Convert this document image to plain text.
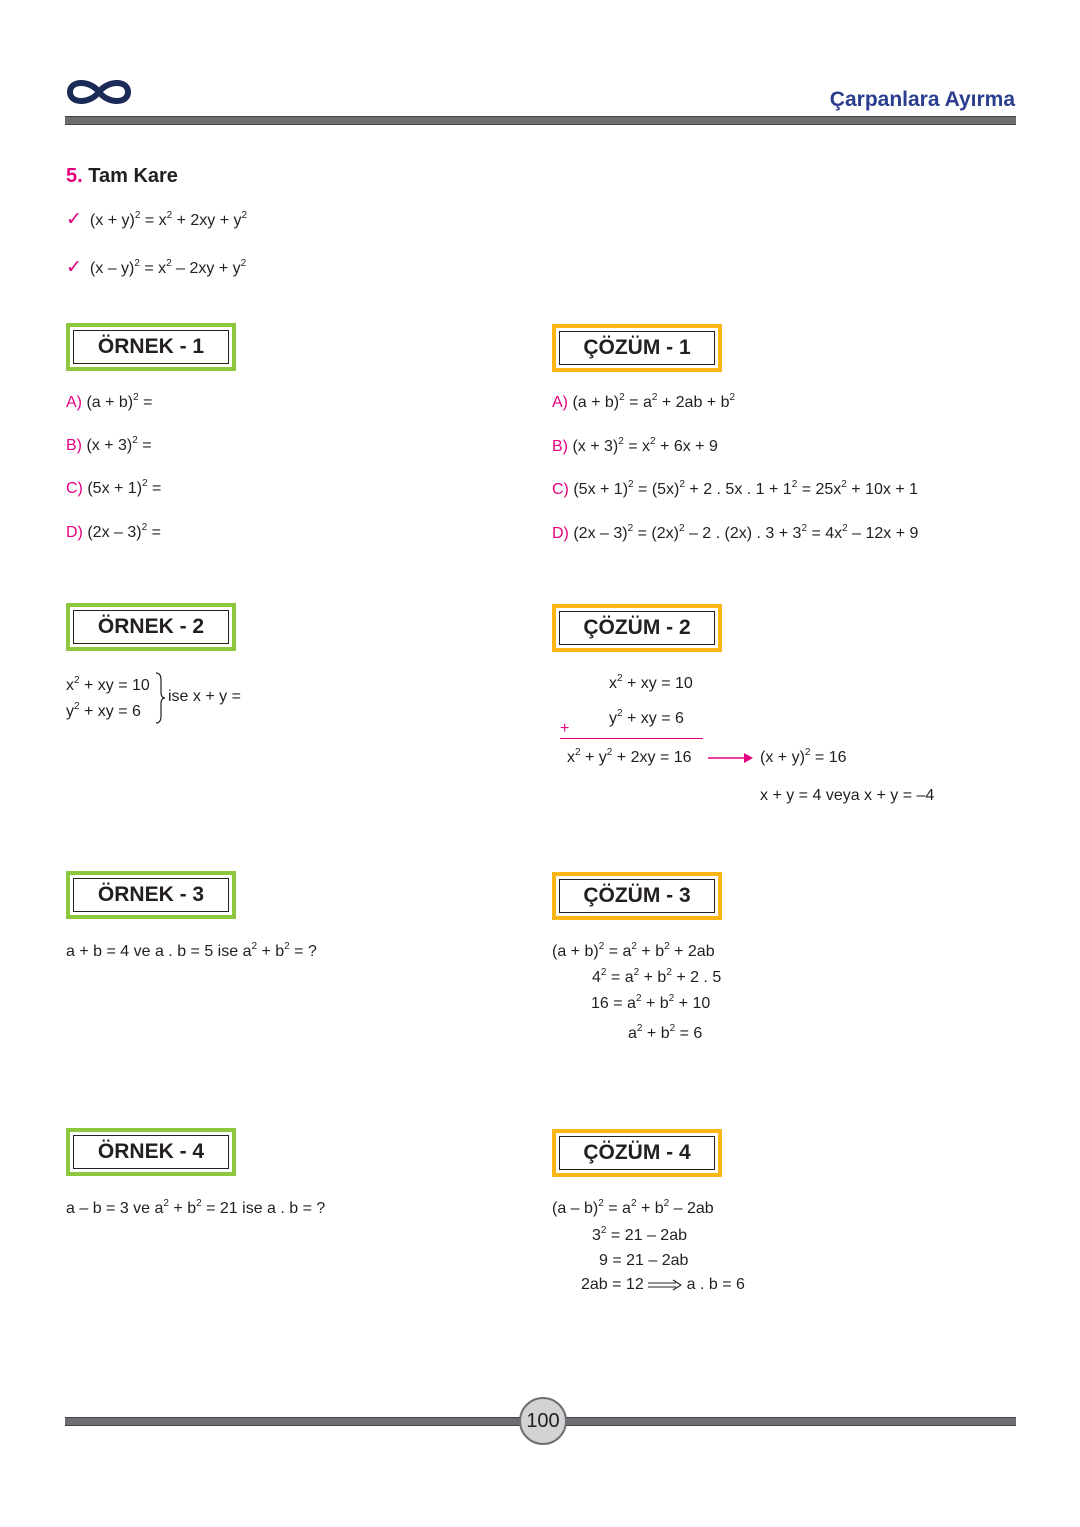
Çarpanlara Ayırma
5. Tam Kare
✓ $(x + y)^2 = x^2 + 2xy + y^2$
✓ $(x - y)^2 = x^2 - 2xy + y^2$
ÖRNEK - 1	ÇÖZÜM - 1
A) $(a + b)^2$ =
B) $(x + 3)^2$ =
C) $(5x + 1)^2$ =
D) (2x – 3)$^2$ =
A) $(a + b)^2 = a^2 + 2ab + b^2$
B) $(x + 3)^2 = x^2 + 6x + 9$
C) $(5x + 1)^2 = (5x)^2 + 2$ . 5x . $1 + 1^2 = 25x^2 + 10x + 1$
D) $(2x - 3)^2 = (2x)^2 - 2$ . (2x) . $3 + 3^2 = 4x^2 - 12x + 9$
ÖRNEK - 2	ÇÖZÜM - 2
$x^2$ + xy = 10
$y^2$ + xy = 6
ise x + y =
$x^2$ + xy = 10
$y^2$ + xy = 6
+
$x^2 + y^2 + 2xy = 16$	$(x + y)^2 = 16$
x + y = 4 veya x + y = –4
ÖRNEK - 3	ÇÖZÜM - 3
a + b = 4 ve a . b = 5 ise $a^2 + b^2$ = ?	$(a + b)^2 = a^2 + b^2 + 2ab$
$4^2 = a^2 + b^2 + 2$ . 5
$16 = a^2 + b^2 + 10$
$a^2 + b^2 = 6$
ÖRNEK - 4	ÇÖZÜM - 4
a – b = 3 ve $a^2 + b^2 = 21$ ise a . b = ?	$(a - b)^2 = a^2 + b^2 - 2ab$
$3^2 = 21 - 2ab$
9 = 21 – 2ab
2ab = 12  a . b = 6
100
